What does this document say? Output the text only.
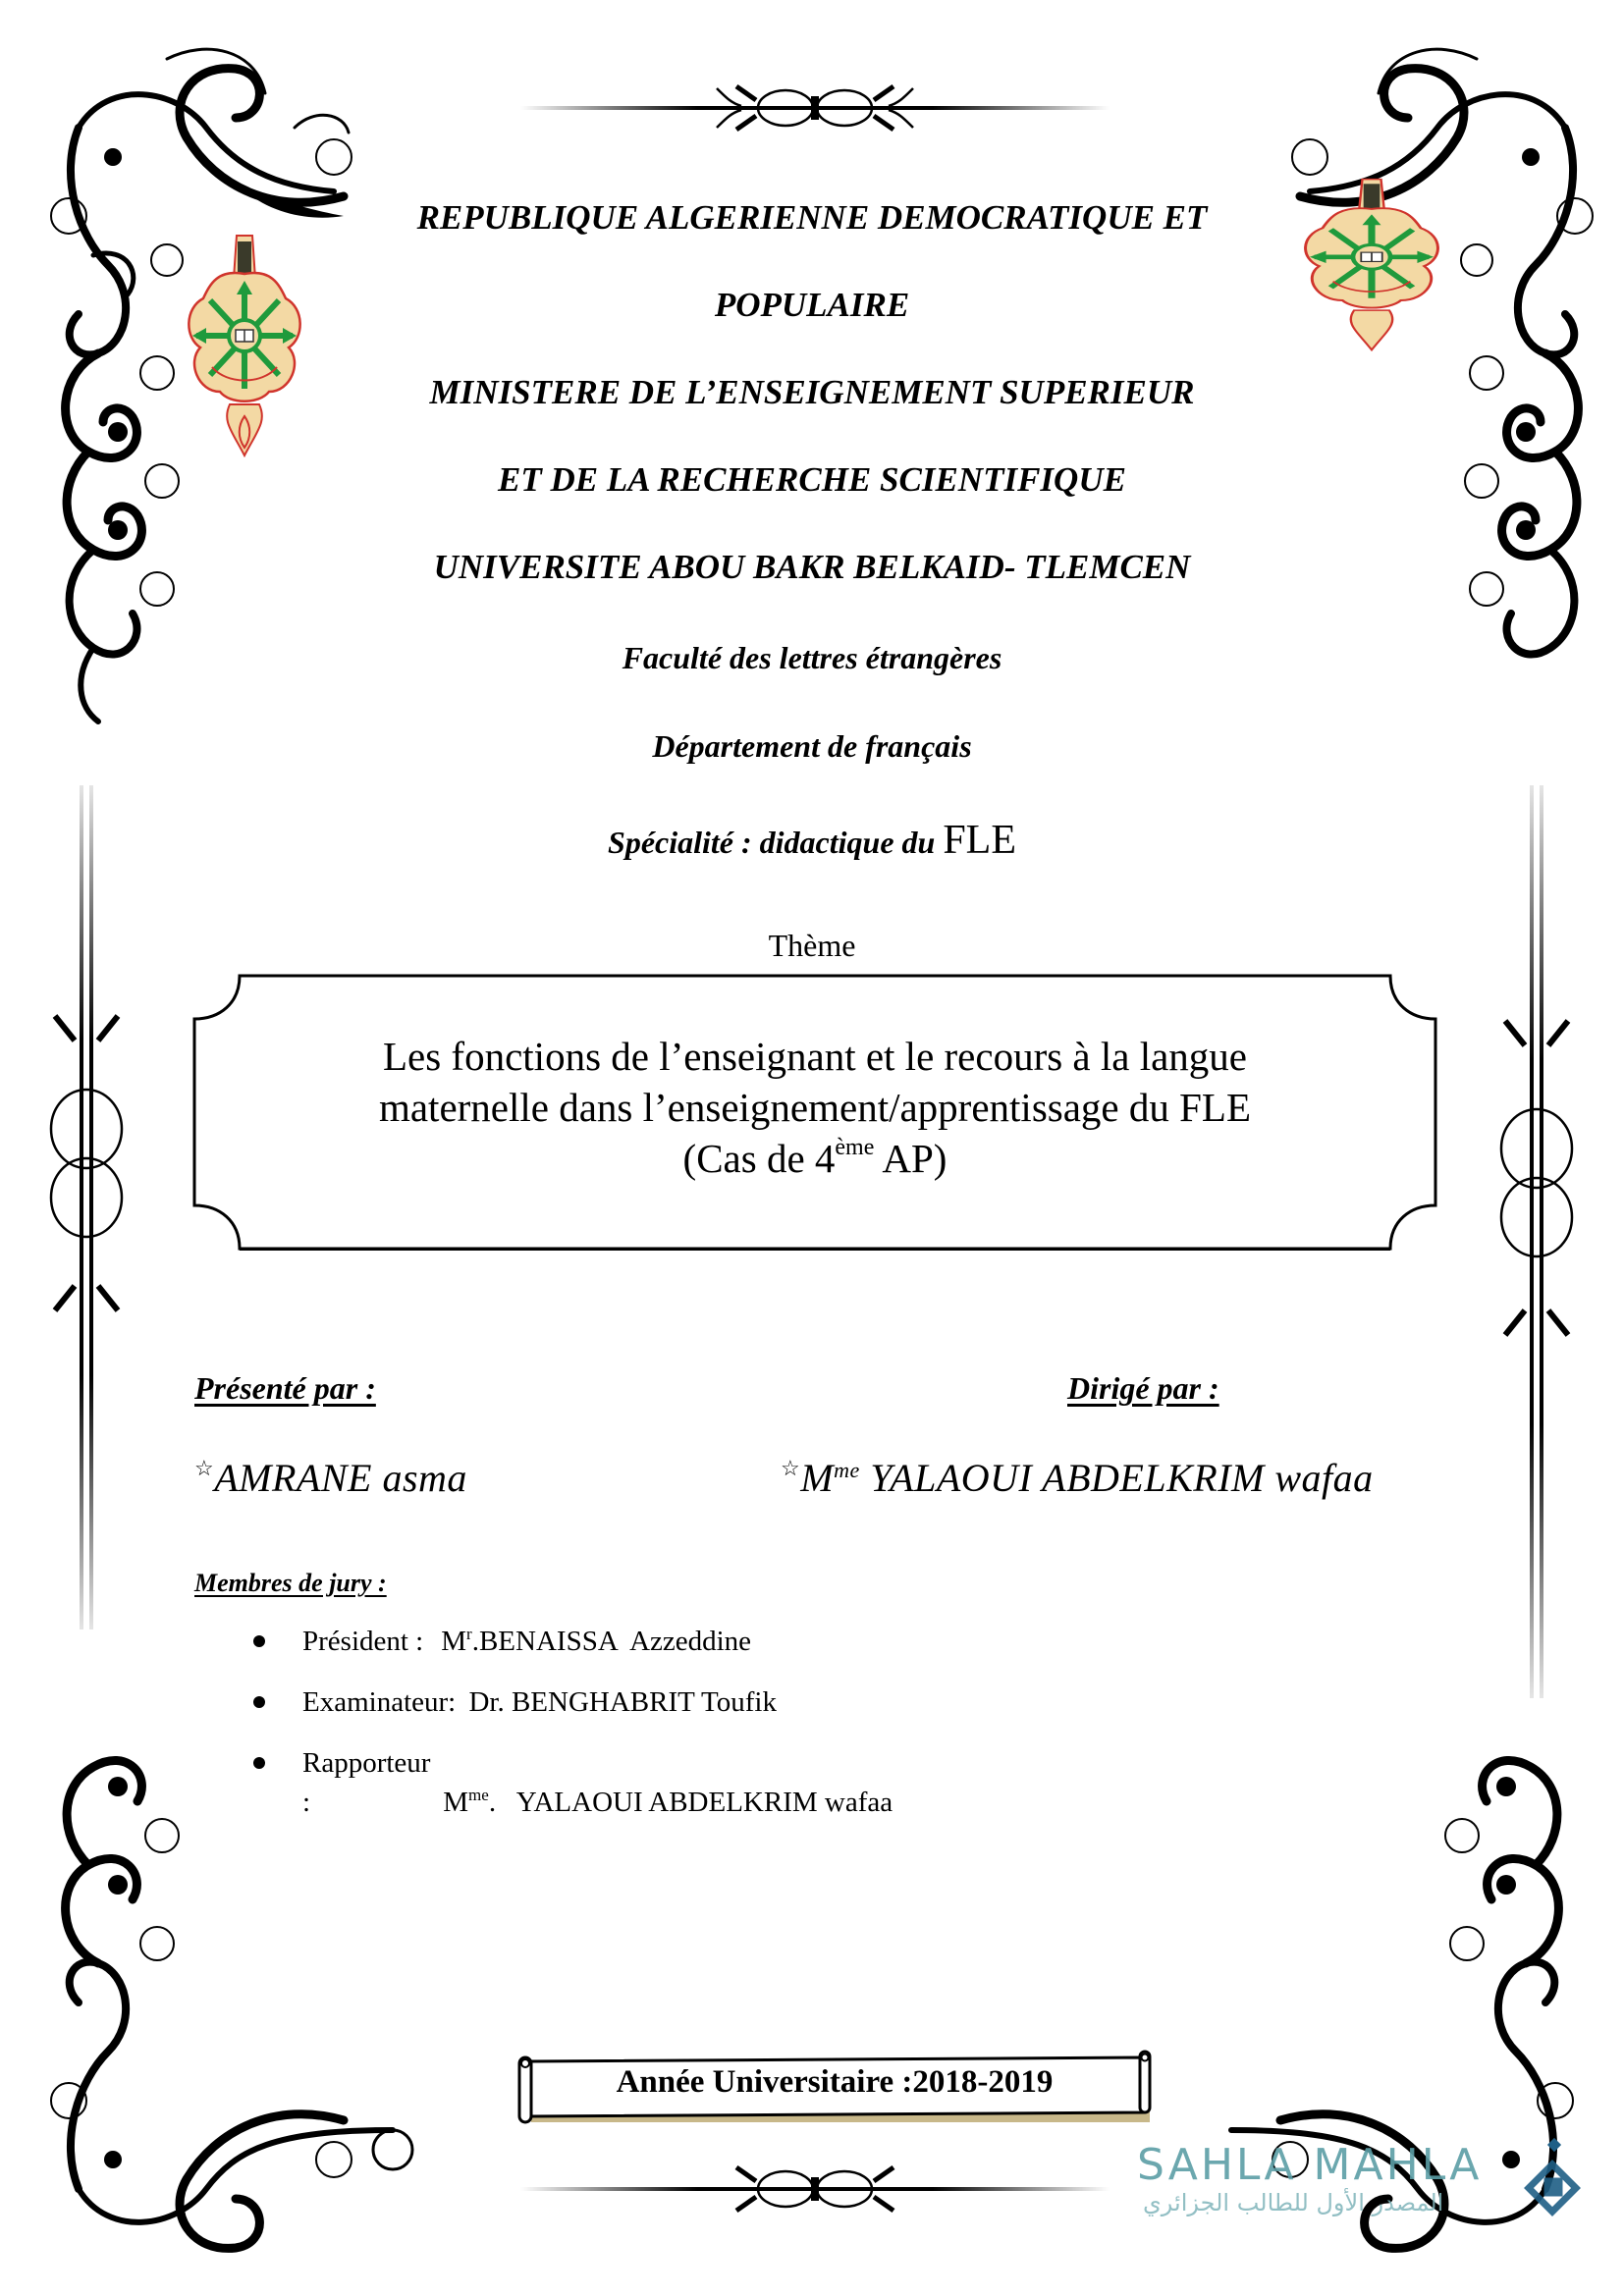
REPUBLIQUE ALGERIENNE DEMOCRATIQUE ET
POPULAIRE
MINISTERE DE L’ENSEIGNEMENT SUPERIEUR
ET DE LA RECHERCHE SCIENTIFIQUE
UNIVERSITE ABOU BAKR BELKAID- TLEMCEN
Faculté des lettres étrangères
Département de français
Spécialité : didactique du FLE
Thème
Les fonctions de l’enseignant et le recours à la langue
maternelle dans l’enseignement/apprentissage du FLE
(Cas de 4ème AP)
Présenté par :	Dirigé par :
☆AMRANE asma	$^☆M^{me}$ YALAOUI ABDELKRIM wafaa
Membres de jury :
Président : $M^r.BENAISSA$  Azzeddine
Examinateur: Dr. BENGHABRIT Toufik
Rapporteur :	$M^{me}$.   YALAOUI ABDELKRIM wafaa
Année Universitaire :2018-2019
SAHLA MAHLA
المصدر الأول للطالب الجزائري
